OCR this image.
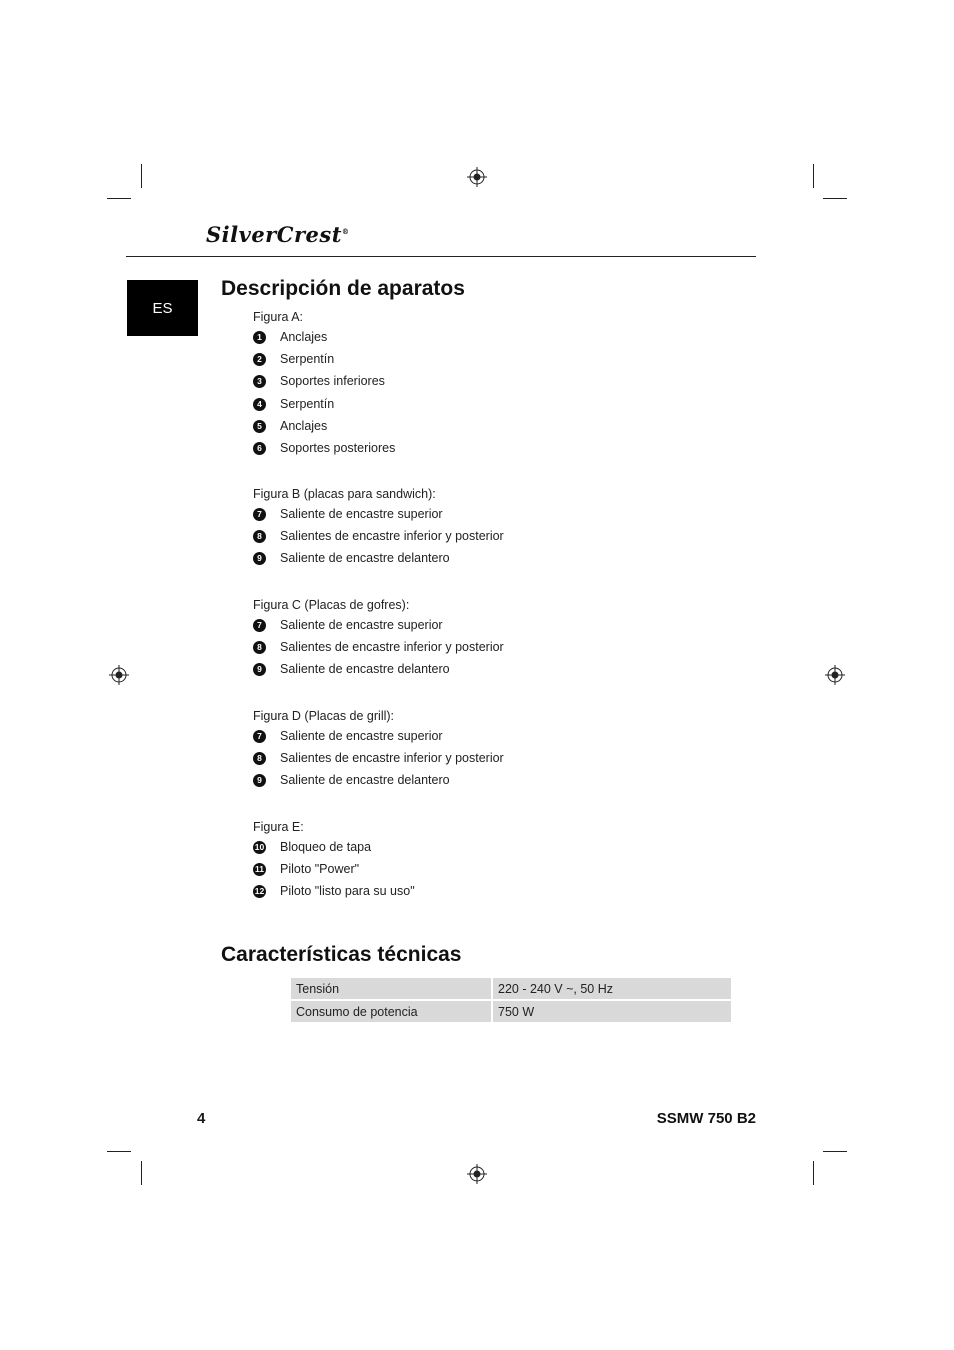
SilverCrest®
ES
Descripción de aparatos
Figura A:
1	Anclajes
2	Serpentín
3	Soportes inferiores
4	Serpentín
5	Anclajes
6	Soportes posteriores
Figura B (placas para sandwich):
7	Saliente de encastre superior
8	Salientes de encastre inferior y posterior
9	Saliente de encastre delantero
Figura C (Placas de gofres):
7	Saliente de encastre superior
8	Salientes de encastre inferior y posterior
9	Saliente de encastre delantero
Figura D (Placas de grill):
7	Saliente de encastre superior
8	Salientes de encastre inferior y posterior
9	Saliente de encastre delantero
Figura E:
10 Bloqueo de tapa
11 Piloto "Power"
12 Piloto "listo para su uso"
Características técnicas
Tensión	220 - 240 V ~, 50 Hz
Consumo de potencia	750 W
4	SSMW 750 B2
